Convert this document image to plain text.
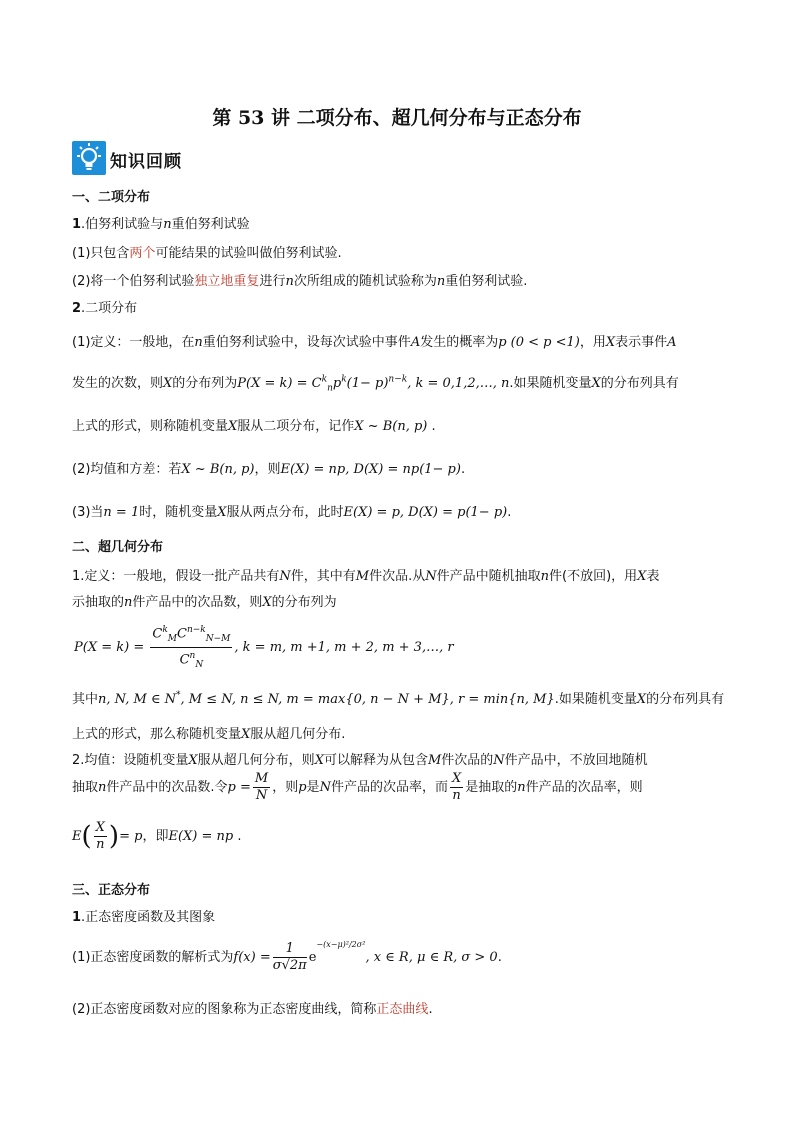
第 53 讲 二项分布、超几何分布与正态分布
知识回顾
一、二项分布
1.伯努利试验与n重伯努利试验
(1)只包含两个可能结果的试验叫做伯努利试验.
(2)将一个伯努利试验独立地重复进行n次所组成的随机试验称为n重伯努利试验.
2.二项分布
(1)定义：一般地，在n重伯努利试验中，设每次试验中事件A发生的概率为p (0 < p <1)，用X表示事件A
发生的次数，则X的分布列为$P(X = k) = C^k_np^k(1- p)^{n-k}$, k = 0,1,2,…, n.如果随机变量X的分布列具有
上式的形式，则称随机变量X服从二项分布，记作X ~ B(n, p) .
(2)均值和方差：若X ~ B(n, p)，则E(X) = np, D(X) = np(1− p).
(3)当n = 1时，随机变量X服从两点分布，此时E(X) = p, D(X) = p(1− p).
二、超几何分布
1.定义：一般地，假设一批产品共有N件，其中有M件次品.从N件产品中随机抽取n件(不放回)，用X表
示抽取的n件产品中的次品数，则X的分布列为
$P(X = k) = \frac{C^k_MC^{n-k}_{N-M}}{C^n_N}$ , k = m, m +1, m + 2, m + 3,…, r
其中n, N, M ∈ N*, M ≤ N, n ≤ N, m = max{0, n − N + M}, r = min{n, M}.如果随机变量X的分布列具有
上式的形式，那么称随机变量X服从超几何分布.
2.均值：设随机变量X服从超几何分布，则X可以解释为从包含M件次品的N件产品中，不放回地随机
抽取n件产品中的次品数.令$p = \frac{M}{N}$ ，则p是N件产品的次品率，而 $\frac{X}{n}$ 是抽取的n件产品的次品率，则
$E( \frac{X}{n}$ )= p，即E(X) = np .
三、正态分布
1.正态密度函数及其图象
(1)正态密度函数的解析式为$f(x) = \frac{1}{\sigma√2\pi} e^{-(x-\mu)^2/2\sigma^2}$, x ∈ R, μ ∈ R, σ > 0.
(2)正态密度函数对应的图象称为正态密度曲线，简称正态曲线.
